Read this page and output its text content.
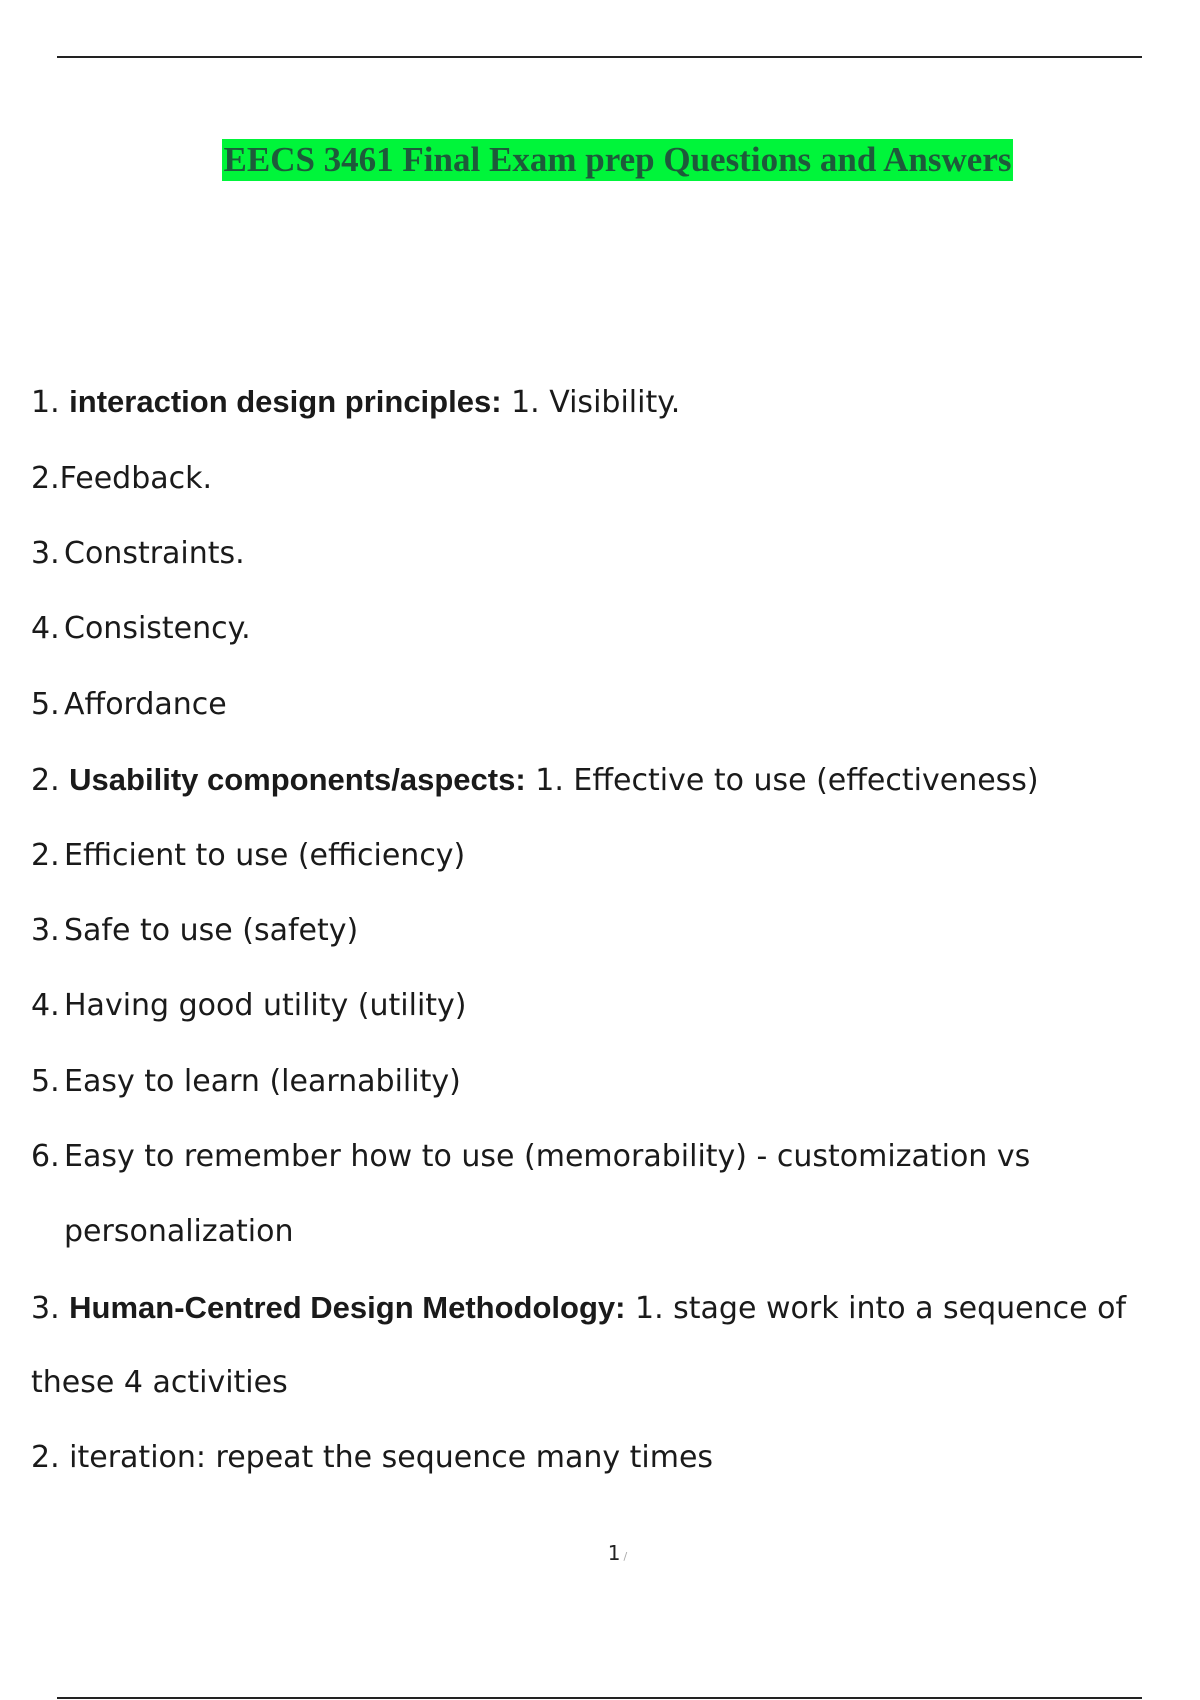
EECS 3461 Final Exam prep Questions and Answers
1. interaction design principles: 1. Visibility.
2.Feedback.
3. Constraints.
4. Consistency.
5. Affordance
2. Usability components/aspects: 1. Effective to use (effectiveness)
2. Efficient to use (efficiency)
3. Safe to use (safety)
4. Having good utility (utility)
5. Easy to learn (learnability)
6. Easy to remember how to use (memorability) - customization vs
personalization
3. Human-Centred Design Methodology: 1. stage work into a sequence of
these 4 activities
2. iteration: repeat the sequence many times
1 /
